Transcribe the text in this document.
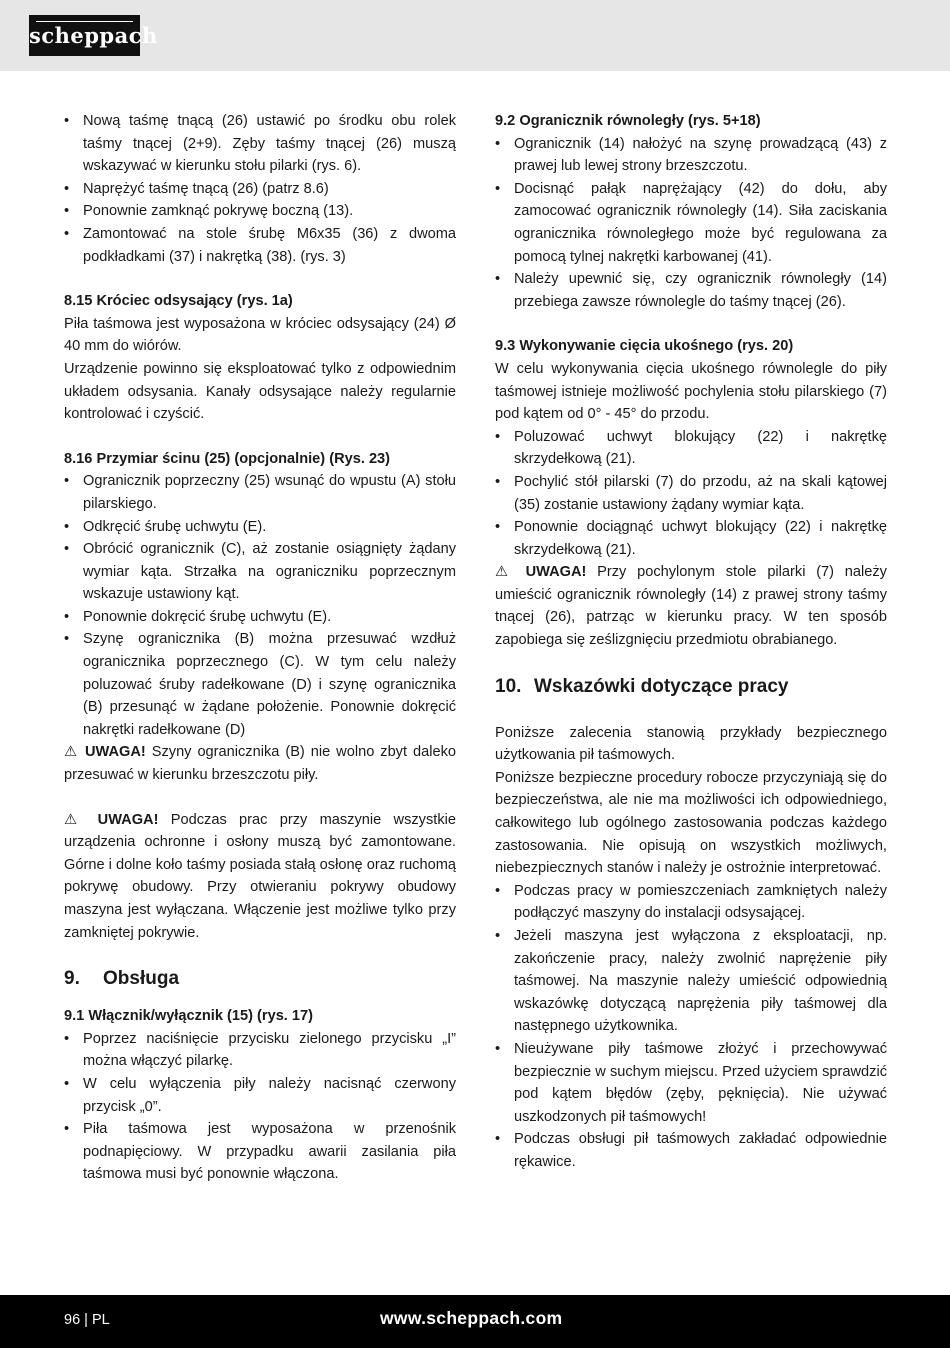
scheppach
• Nową taśmę tnącą (26) ustawić po środku obu rolek taśmy tnącej (2+9). Zęby taśmy tnącej (26) muszą wskazywać w kierunku stołu pilarki (rys. 6).
• Naprężyć taśmę tnącą (26) (patrz 8.6)
• Ponownie zamknąć pokrywę boczną (13).
• Zamontować na stole śrubę M6x35 (36) z dwoma podkładkami (37) i nakrętką (38). (rys. 3)

8.15 Króciec odsysający (rys. 1a)

Piła taśmowa jest wyposażona w króciec odsysający (24) Ø 40 mm do wiórów.

Urządzenie powinno się eksploatować tylko z odpowiednim układem odsysania. Kanały odsysające należy regularnie kontrolować i czyścić.

8.16 Przymiar ścinu (25) (opcjonalnie) (Rys. 23)

• Ogranicznik poprzeczny (25) wsunąć do wpustu (A) stołu pilarskiego.
• Odkręcić śrubę uchwytu (E).
• Obrócić ogranicznik (C), aż zostanie osiągnięty żądany wymiar kąta. Strzałka na ograniczniku poprzecznym wskazuje ustawiony kąt.
• Ponownie dokręcić śrubę uchwytu (E).
• Szynę ogranicznika (B) można przesuwać wzdłuż ogranicznika poprzecznego (C). W tym celu należy poluzować śruby radełkowane (D) i szynę ogranicznika (B) przesunąć w żądane położenie. Ponownie dokręcić nakrętki radełkowane (D)

⚠ UWAGA! Szyny ogranicznika (B) nie wolno zbyt daleko przesuwać w kierunku brzeszczotu piły.

⚠ UWAGA! Podczas prac przy maszynie wszystkie urządzenia ochronne i osłony muszą być zamontowane. Górne i dolne koło taśmy posiada stałą osłonę oraz ruchomą pokrywę obudowy. Przy otwieraniu pokrywy obudowy maszyna jest wyłączana. Włączenie jest możliwe tylko przy zamkniętej pokrywie.

9. Obsługa

9.1 Włącznik/wyłącznik (15) (rys. 17)

• Poprzez naciśnięcie przycisku zielonego przycisku „I” można włączyć pilarkę.
• W celu wyłączenia piły należy nacisnąć czerwony przycisk „0”.
• Piła taśmowa jest wyposażona w przenośnik podnapięciowy. W przypadku awarii zasilania piła taśmowa musi być ponownie włączona.

9.2 Ogranicznik równoległy (rys. 5+18)

• Ogranicznik (14) nałożyć na szynę prowadzącą (43) z prawej lub lewej strony brzeszczotu.
• Docisnąć pałąk naprężający (42) do dołu, aby zamocować ogranicznik równoległy (14). Siła zaciskania ogranicznika równoległego może być regulowana za pomocą tylnej nakrętki karbowanej (41).
• Należy upewnić się, czy ogranicznik równoległy (14) przebiega zawsze równolegle do taśmy tnącej (26).

9.3 Wykonywanie cięcia ukośnego (rys. 20)

W celu wykonywania cięcia ukośnego równolegle do piły taśmowej istnieje możliwość pochylenia stołu pilarskiego (7) pod kątem od 0° - 45° do przodu.

• Poluzować uchwyt blokujący (22) i nakrętkę skrzydełkową (21).
• Pochylić stół pilarski (7) do przodu, aż na skali kątowej (35) zostanie ustawiony żądany wymiar kąta.
• Ponownie dociągnąć uchwyt blokujący (22) i nakrętkę skrzydełkową (21).

⚠ UWAGA! Przy pochylonym stole pilarki (7) należy umieścić ogranicznik równoległy (14) z prawej strony taśmy tnącej (26), patrząc w kierunku pracy. W ten sposób zapobiega się ześlizgnięciu przedmiotu obrabianego.

10. Wskazówki dotyczące pracy

Poniższe zalecenia stanowią przykłady bezpiecznego użytkowania pił taśmowych.

Poniższe bezpieczne procedury robocze przyczyniają się do bezpieczeństwa, ale nie ma możliwości ich odpowiedniego, całkowitego lub ogólnego zastosowania podczas każdego zastosowania. Nie opisują on wszystkich możliwych, niebezpiecznych stanów i należy je ostrożnie interpretować.

• Podczas pracy w pomieszczeniach zamkniętych należy podłączyć maszyny do instalacji odsysającej.
• Jeżeli maszyna jest wyłączona z eksploatacji, np. zakończenie pracy, należy zwolnić naprężenie piły taśmowej. Na maszynie należy umieścić odpowiednią wskazówkę dotyczącą naprężenia piły taśmowej dla następnego użytkownika.
• Nieużywane piły taśmowe złożyć i przechowywać bezpiecznie w suchym miejscu. Przed użyciem sprawdzić pod kątem błędów (zęby, pęknięcia). Nie używać uszkodzonych pił taśmowych!
• Podczas obsługi pił taśmowych zakładać odpowiednie rękawice.
96 | PL	www.scheppach.com
